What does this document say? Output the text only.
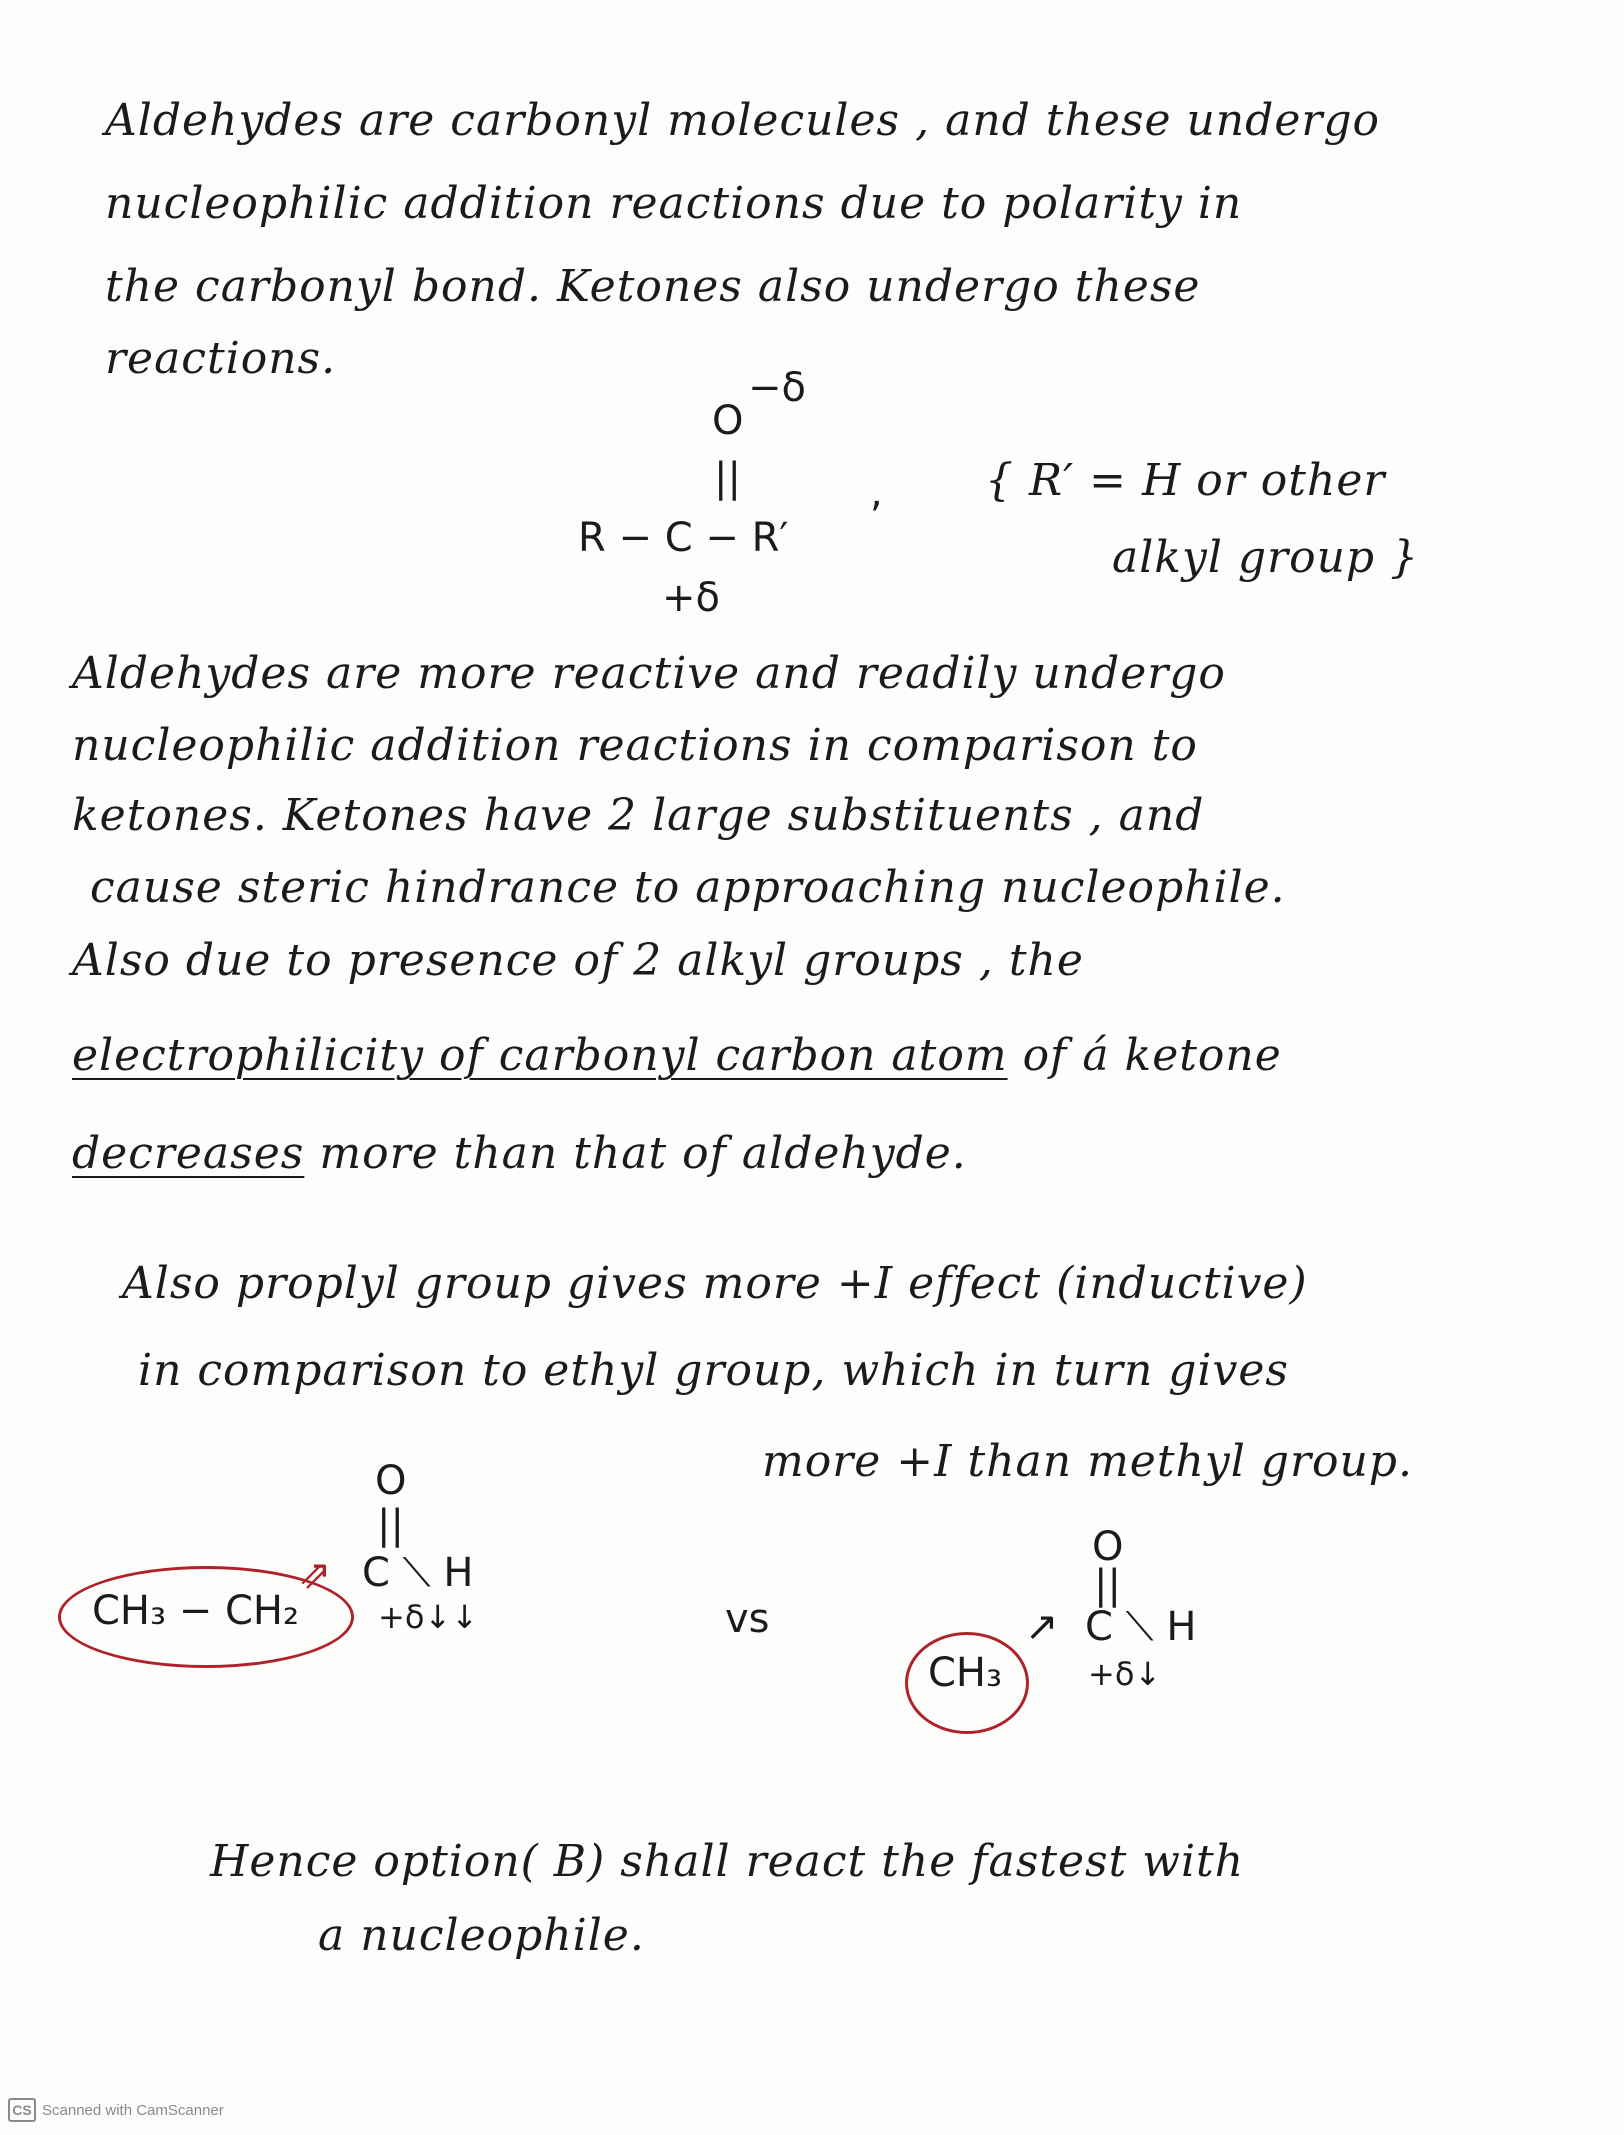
Aldehydes are carbonyl molecules , and these undergo
nucleophilic addition reactions due to polarity in
the carbonyl bond. Ketones also undergo these
reactions.
O
−δ
||
R − C − R′
,
+δ
{ R′ = H or other
alkyl group }
Aldehydes are more reactive and readily undergo
nucleophilic addition reactions in comparison to
ketones. Ketones have 2 large substituents , and
cause steric hindrance to approaching nucleophile.
Also due to presence of 2 alkyl groups , the
electrophilicity of carbonyl carbon atom of á ketone
decreases more than that of aldehyde.
Also proplyl group gives more +I effect (inductive)
in comparison to ethyl group, which in turn gives
more +I than methyl group.
O
||
C ⟍ H
CH₃ − CH₂
⇗
+δ↓↓	vs
O
||
C ⟍ H
CH₃
↗
+δ↓
Hence option( B) shall react the fastest with
a nucleophile.
CS Scanned with CamScanner
